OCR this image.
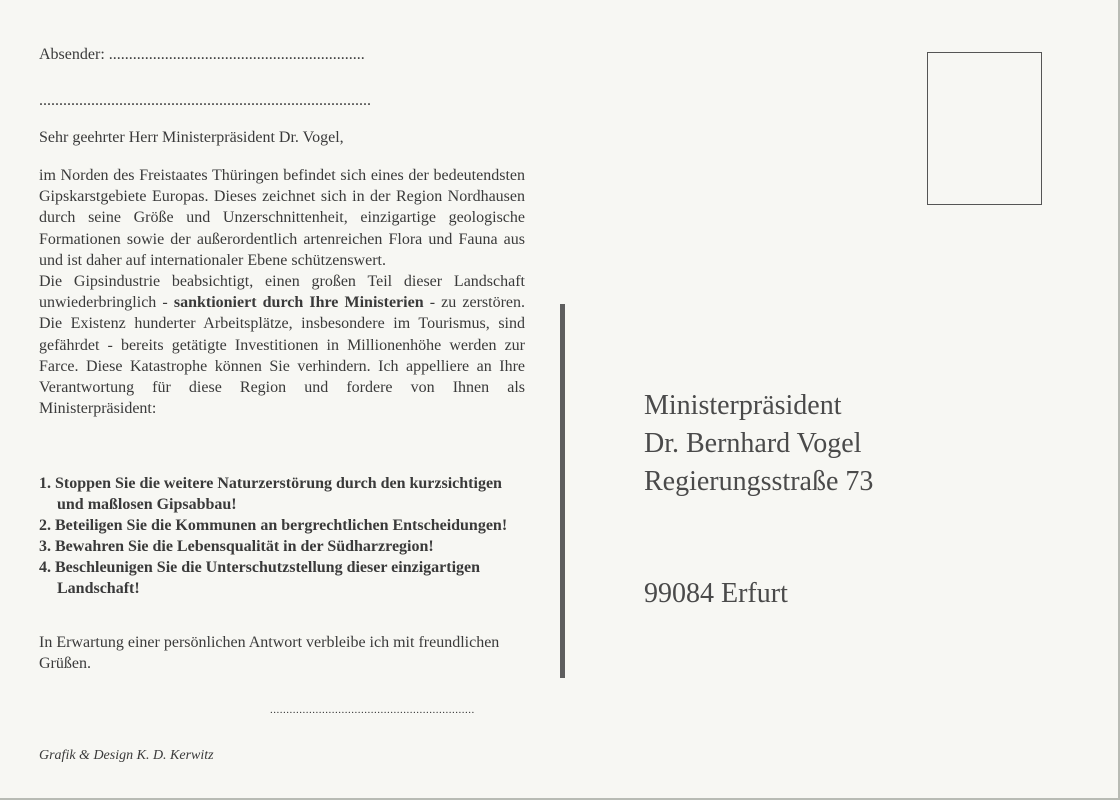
Absender: ................................................................
...................................................................................
Sehr geehrter Herr Ministerpräsident Dr. Vogel,

im Norden des Freistaates Thüringen befindet sich eines der bedeutendsten Gipskarstgebiete Europas. Dieses zeichnet sich in der Region Nordhausen durch seine Größe und Unzerschnittenheit, einzigartige geologische Formationen sowie der außerordentlich artenreichen Flora und Fauna aus und ist daher auf internationaler Ebene schützenswert.

Die Gipsindustrie beabsichtigt, einen großen Teil dieser Landschaft unwiederbringlich - sanktioniert durch Ihre Ministerien - zu zerstören. Die Existenz hunderter Arbeitsplätze, insbesondere im Tourismus, sind gefährdet - bereits getätigte Investitionen in Millionenhöhe werden zur Farce. Diese Katastrophe können Sie verhindern. Ich appelliere an Ihre Verantwortung für diese Region und fordere von Ihnen als Ministerpräsident:

1. Stoppen Sie die weitere Naturzerstörung durch den kurzsichtigen und maßlosen Gipsabbau!
2. Beteiligen Sie die Kommunen an bergrechtlichen Entscheidungen!
3. Bewahren Sie die Lebensqualität in der Südharzregion!
4. Beschleunigen Sie die Unterschutzstellung dieser einzigartigen Landschaft!
In Erwartung einer persönlichen Antwort verbleibe ich mit freundlichen Grüßen.
...............................................................
Grafik & Design K. D. Kerwitz
Ministerpräsident
Dr. Bernhard Vogel
Regierungsstraße 73
99084 Erfurt
